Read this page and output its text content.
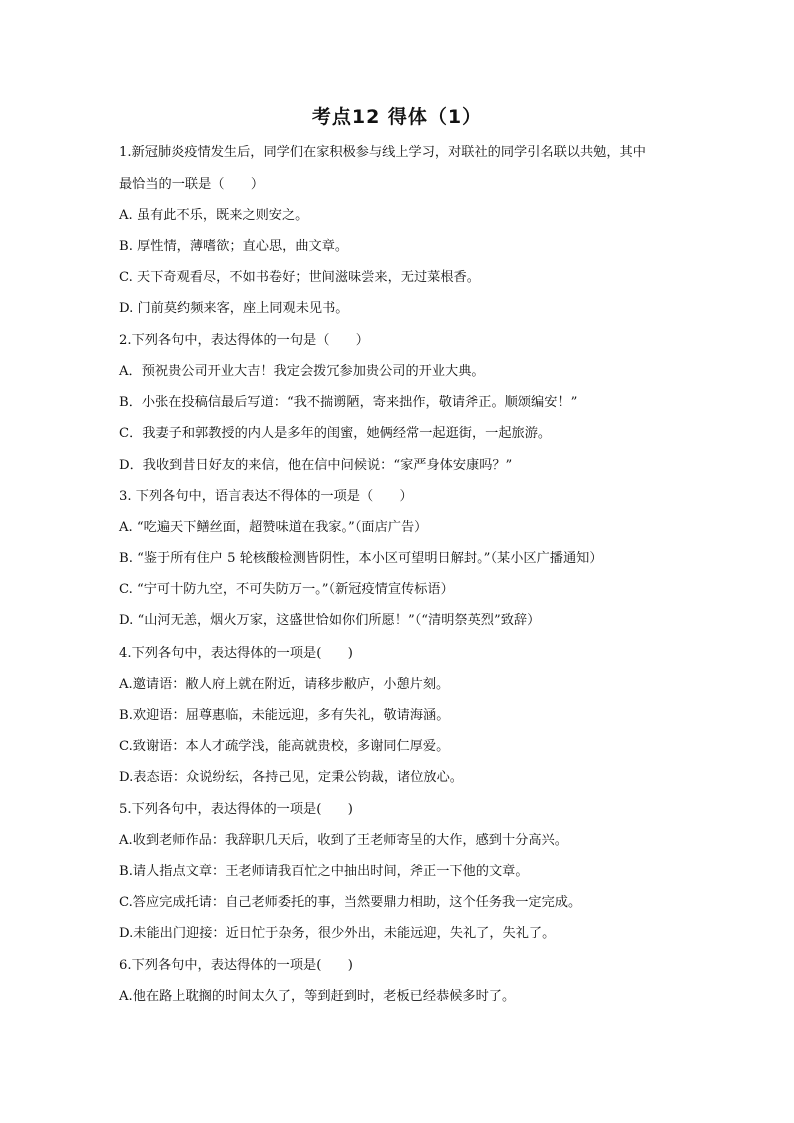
考点12 得体（1）
1.新冠肺炎疫情发生后，同学们在家积极参与线上学习，对联社的同学引名联以共勉，其中
最恰当的一联是（　　）
A. 虽有此不乐，既来之则安之。
B. 厚性情，薄嗜欲；直心思，曲文章。
C. 天下奇观看尽，不如书卷好；世间滋味尝来，无过菜根香。
D. 门前莫约频来客，座上同观未见书。
2.下列各句中，表达得体的一句是（　　）
A．预祝贵公司开业大吉！我定会拨冗参加贵公司的开业大典。
B．小张在投稿信最后写道：“我不揣谫陋，寄来拙作，敬请斧正。顺颂编安！”
C．我妻子和郭教授的内人是多年的闺蜜，她俩经常一起逛街，一起旅游。
D．我收到昔日好友的来信，他在信中问候说：“家严身体安康吗？”
3. 下列各句中，语言表达不得体的一项是（　　）
A. “吃遍天下鳝丝面，超赞味道在我家。”（面店广告）
B. “鉴于所有住户 5 轮核酸检测皆阴性，本小区可望明日解封。”（某小区广播通知）
C. “宁可十防九空，不可失防万一。”（新冠疫情宣传标语）
D. “山河无恙，烟火万家，这盛世恰如你们所愿！”（“清明祭英烈”致辞）
4.下列各句中，表达得体的一项是(　　)
A.邀请语：敝人府上就在附近，请移步敝庐，小憩片刻。
B.欢迎语：屈尊惠临，未能远迎，多有失礼，敬请海涵。
C.致谢语：本人才疏学浅，能高就贵校，多谢同仁厚爱。
D.表态语：众说纷纭，各持己见，定秉公钧裁，诸位放心。
5.下列各句中，表达得体的一项是(　　)
A.收到老师作品：我辞职几天后，收到了王老师寄呈的大作，感到十分高兴。
B.请人指点文章：王老师请我百忙之中抽出时间，斧正一下他的文章。
C.答应完成托请：自己老师委托的事，当然要鼎力相助，这个任务我一定完成。
D.未能出门迎接：近日忙于杂务，很少外出，未能远迎，失礼了，失礼了。
6.下列各句中，表达得体的一项是(　　)
A.他在路上耽搁的时间太久了，等到赶到时，老板已经恭候多时了。
